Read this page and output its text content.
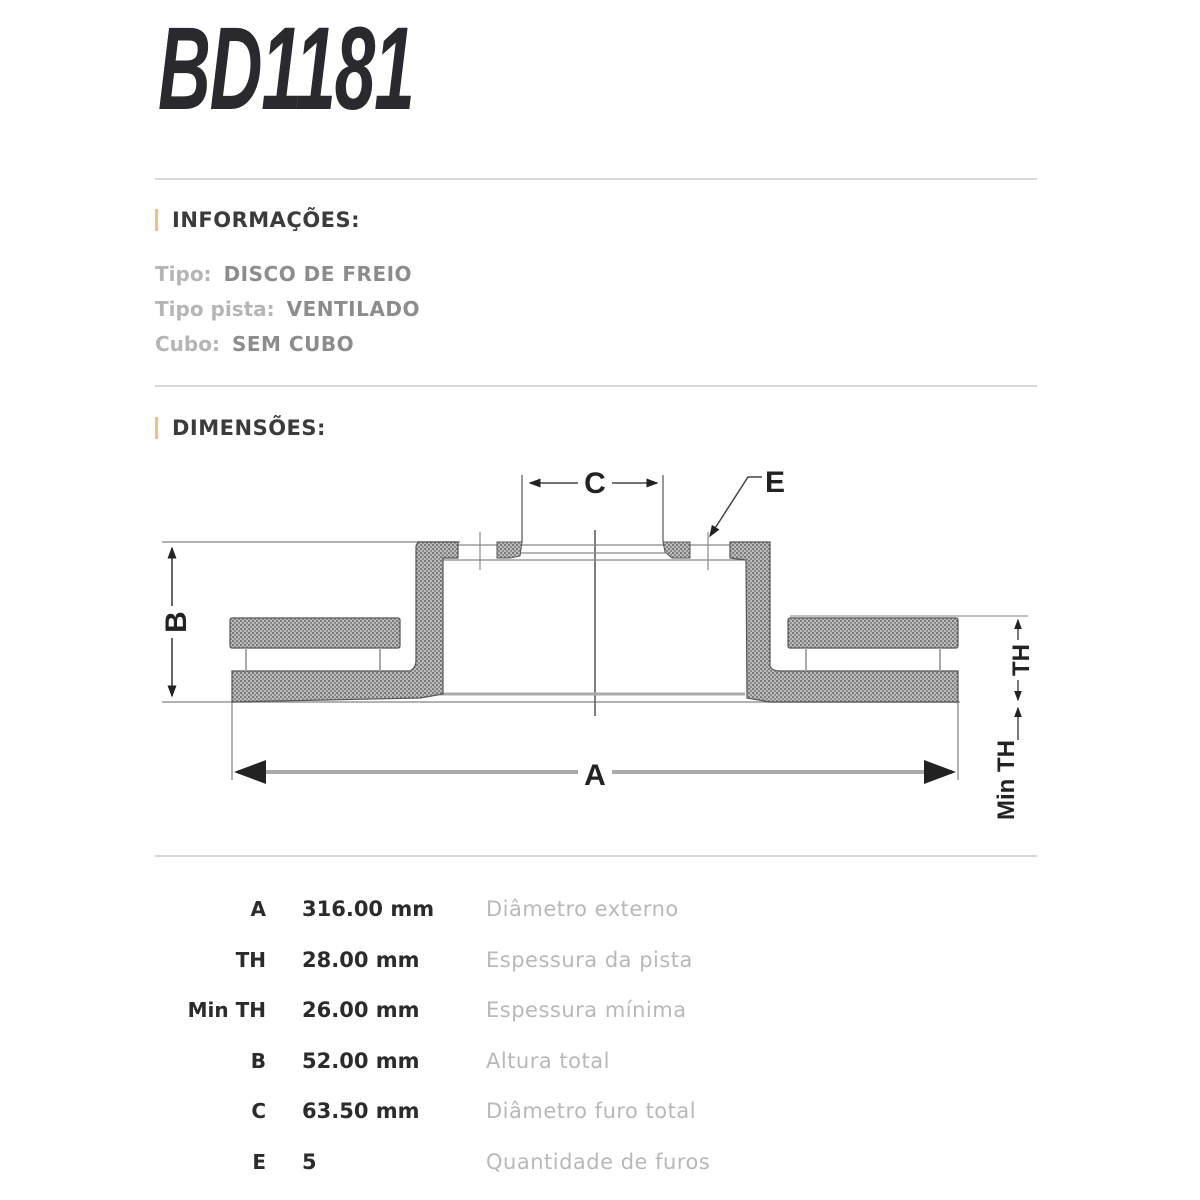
BD1181
INFORMAÇÕES:
Tipo: DISCO DE FREIO
Tipo pista: VENTILADO
Cubo: SEM CUBO
DIMENSÕES:
C	E
B
A
TH
Min TH
A	316.00 mm	Diâmetro externo
TH	28.00 mm	Espessura da pista
Min TH	26.00 mm	Espessura mínima
B	52.00 mm	Altura total
C	63.50 mm	Diâmetro furo total
E	5	Quantidade de furos
